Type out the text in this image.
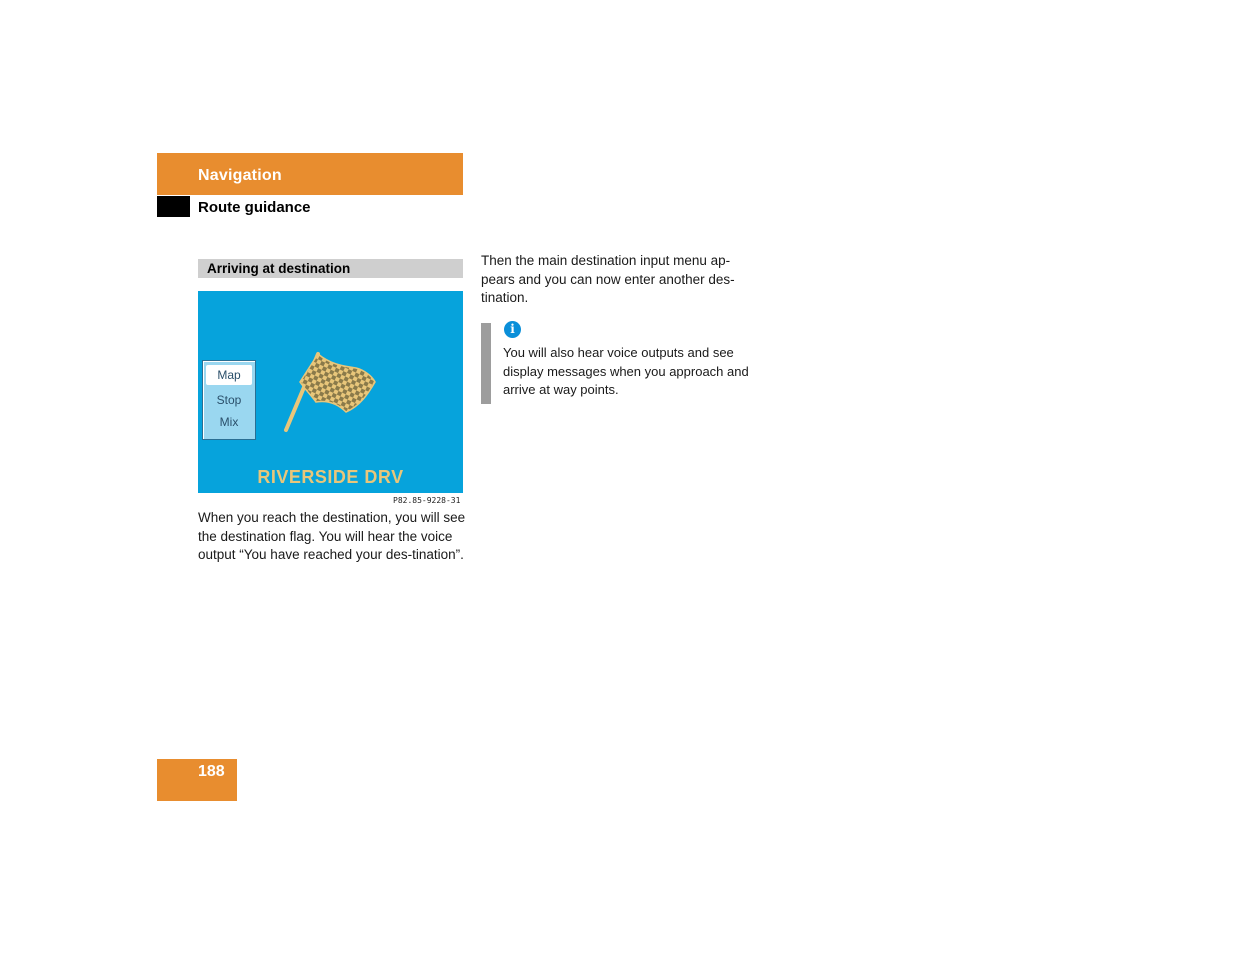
Navigation
Route guidance
Arriving at destination
Map
Stop
Mix
RIVERSIDE DRV
P82.85-9228-31
When you reach the destination, you will see the destination flag. You will hear the voice output “You have reached your des-tination”.
Then the main destination input menu ap-pears and you can now enter another des-tination.
i
You will also hear voice outputs and see display messages when you approach and arrive at way points.
188
